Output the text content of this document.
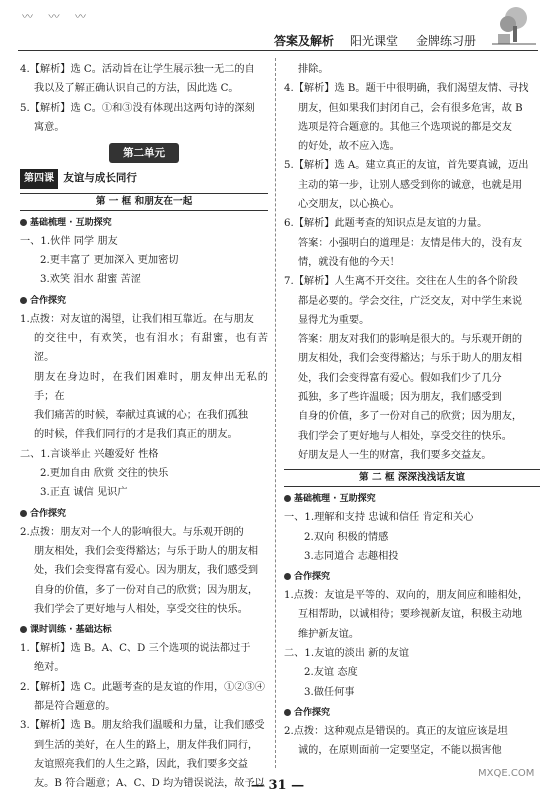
〰 〰 〰
答案及解析 阳光课堂 金牌练习册
4.【解析】选 C。活动旨在让学生展示独一无二的自
我以及了解正确认识自己的方法，因此选 C。
5.【解析】选 C。①和③没有体现出这两句诗的深刻
寓意。
第二单元
第四课 友谊与成长同行
第 一 框 和朋友在一起
基础梳理 · 互助探究
一、1.伙伴 同学 朋友
2.更丰富了 更加深入 更加密切
3.欢笑 泪水 甜蜜 苦涩
合作探究
1.点拨：对友谊的渴望，让我们相互靠近。在与朋友
的交往中，有欢笑，也有泪水；有甜蜜，也有苦涩。
朋友在身边时，在我们困难时，朋友伸出无私的手；在
我们痛苦的时候，奉献过真诚的心；在我们孤独
的时候，伴我们同行的才是我们真正的朋友。
二、1.言谈举止 兴趣爱好 性格
2.更加自由 欣赏 交往的快乐
3.正直 诚信 见识广
合作探究
2.点拨：朋友对一个人的影响很大。与乐观开朗的
朋友相处，我们会变得豁达；与乐于助人的朋友相
处，我们会变得富有爱心。因为朋友，我们感受到
自身的价值，多了一份对自己的欣赏；因为朋友，
我们学会了更好地与人相处，享受交往的快乐。
课时训练 · 基础达标
1.【解析】选 B。A、C、D 三个选项的说法都过于
绝对。
2.【解析】选 C。此题考查的是友谊的作用，①②③④
都是符合题意的。
3.【解析】选 B。朋友给我们温暖和力量，让我们感受
到生活的美好，在人生的路上，朋友伴我们同行，
友谊照亮我们的人生之路，因此，我们要多交益
友。B 符合题意；A、C、D 均为错误说法，故予以
排除。
4.【解析】选 B。题干中很明确，我们渴望友情、寻找
朋友，但如果我们封闭自己，会有很多危害，故 B
选项是符合题意的。其他三个选项说的都是交友
的好处，故不应入选。
5.【解析】选 A。建立真正的友谊，首先要真诚，迈出
主动的第一步，让别人感受到你的诚意，也就是用
心交朋友，以心换心。
6.【解析】此题考查的知识点是友谊的力量。
答案：小强明白的道理是：友情是伟大的，没有友
情，就没有他的今天！
7.【解析】人生离不开交往。交往在人生的各个阶段
都是必要的。学会交往，广泛交友，对中学生来说
显得尤为重要。
答案：朋友对我们的影响是很大的。与乐观开朗的
朋友相处，我们会变得豁达；与乐于助人的朋友相
处，我们会变得富有爱心。假如我们少了几分
孤独，多了些许温暖；因为朋友，我们感受到
自身的价值，多了一份对自己的欣赏；因为朋友，
我们学会了更好地与人相处，享受交往的快乐。
好朋友是人一生的财富，我们要多交益友。
第 二 框 深深浅浅话友谊
基础梳理 · 互助探究
一、1.理解和支持 忠诚和信任 肯定和关心
2.双向 积极的情感
3.志同道合 志趣相投
合作探究
1.点拨：友谊是平等的、双向的，朋友间应和睦相处，
互相帮助，以诚相待；要珍视新友谊，积极主动地
维护新友谊。
二、1.友谊的淡出 新的友谊
2.友谊 态度
3.做任何事
合作探究
2.点拨：这种观点是错误的。真正的友谊应该是坦
诚的，在原则面前一定要坚定，不能以损害他
— 31 —
MXQE.COM
